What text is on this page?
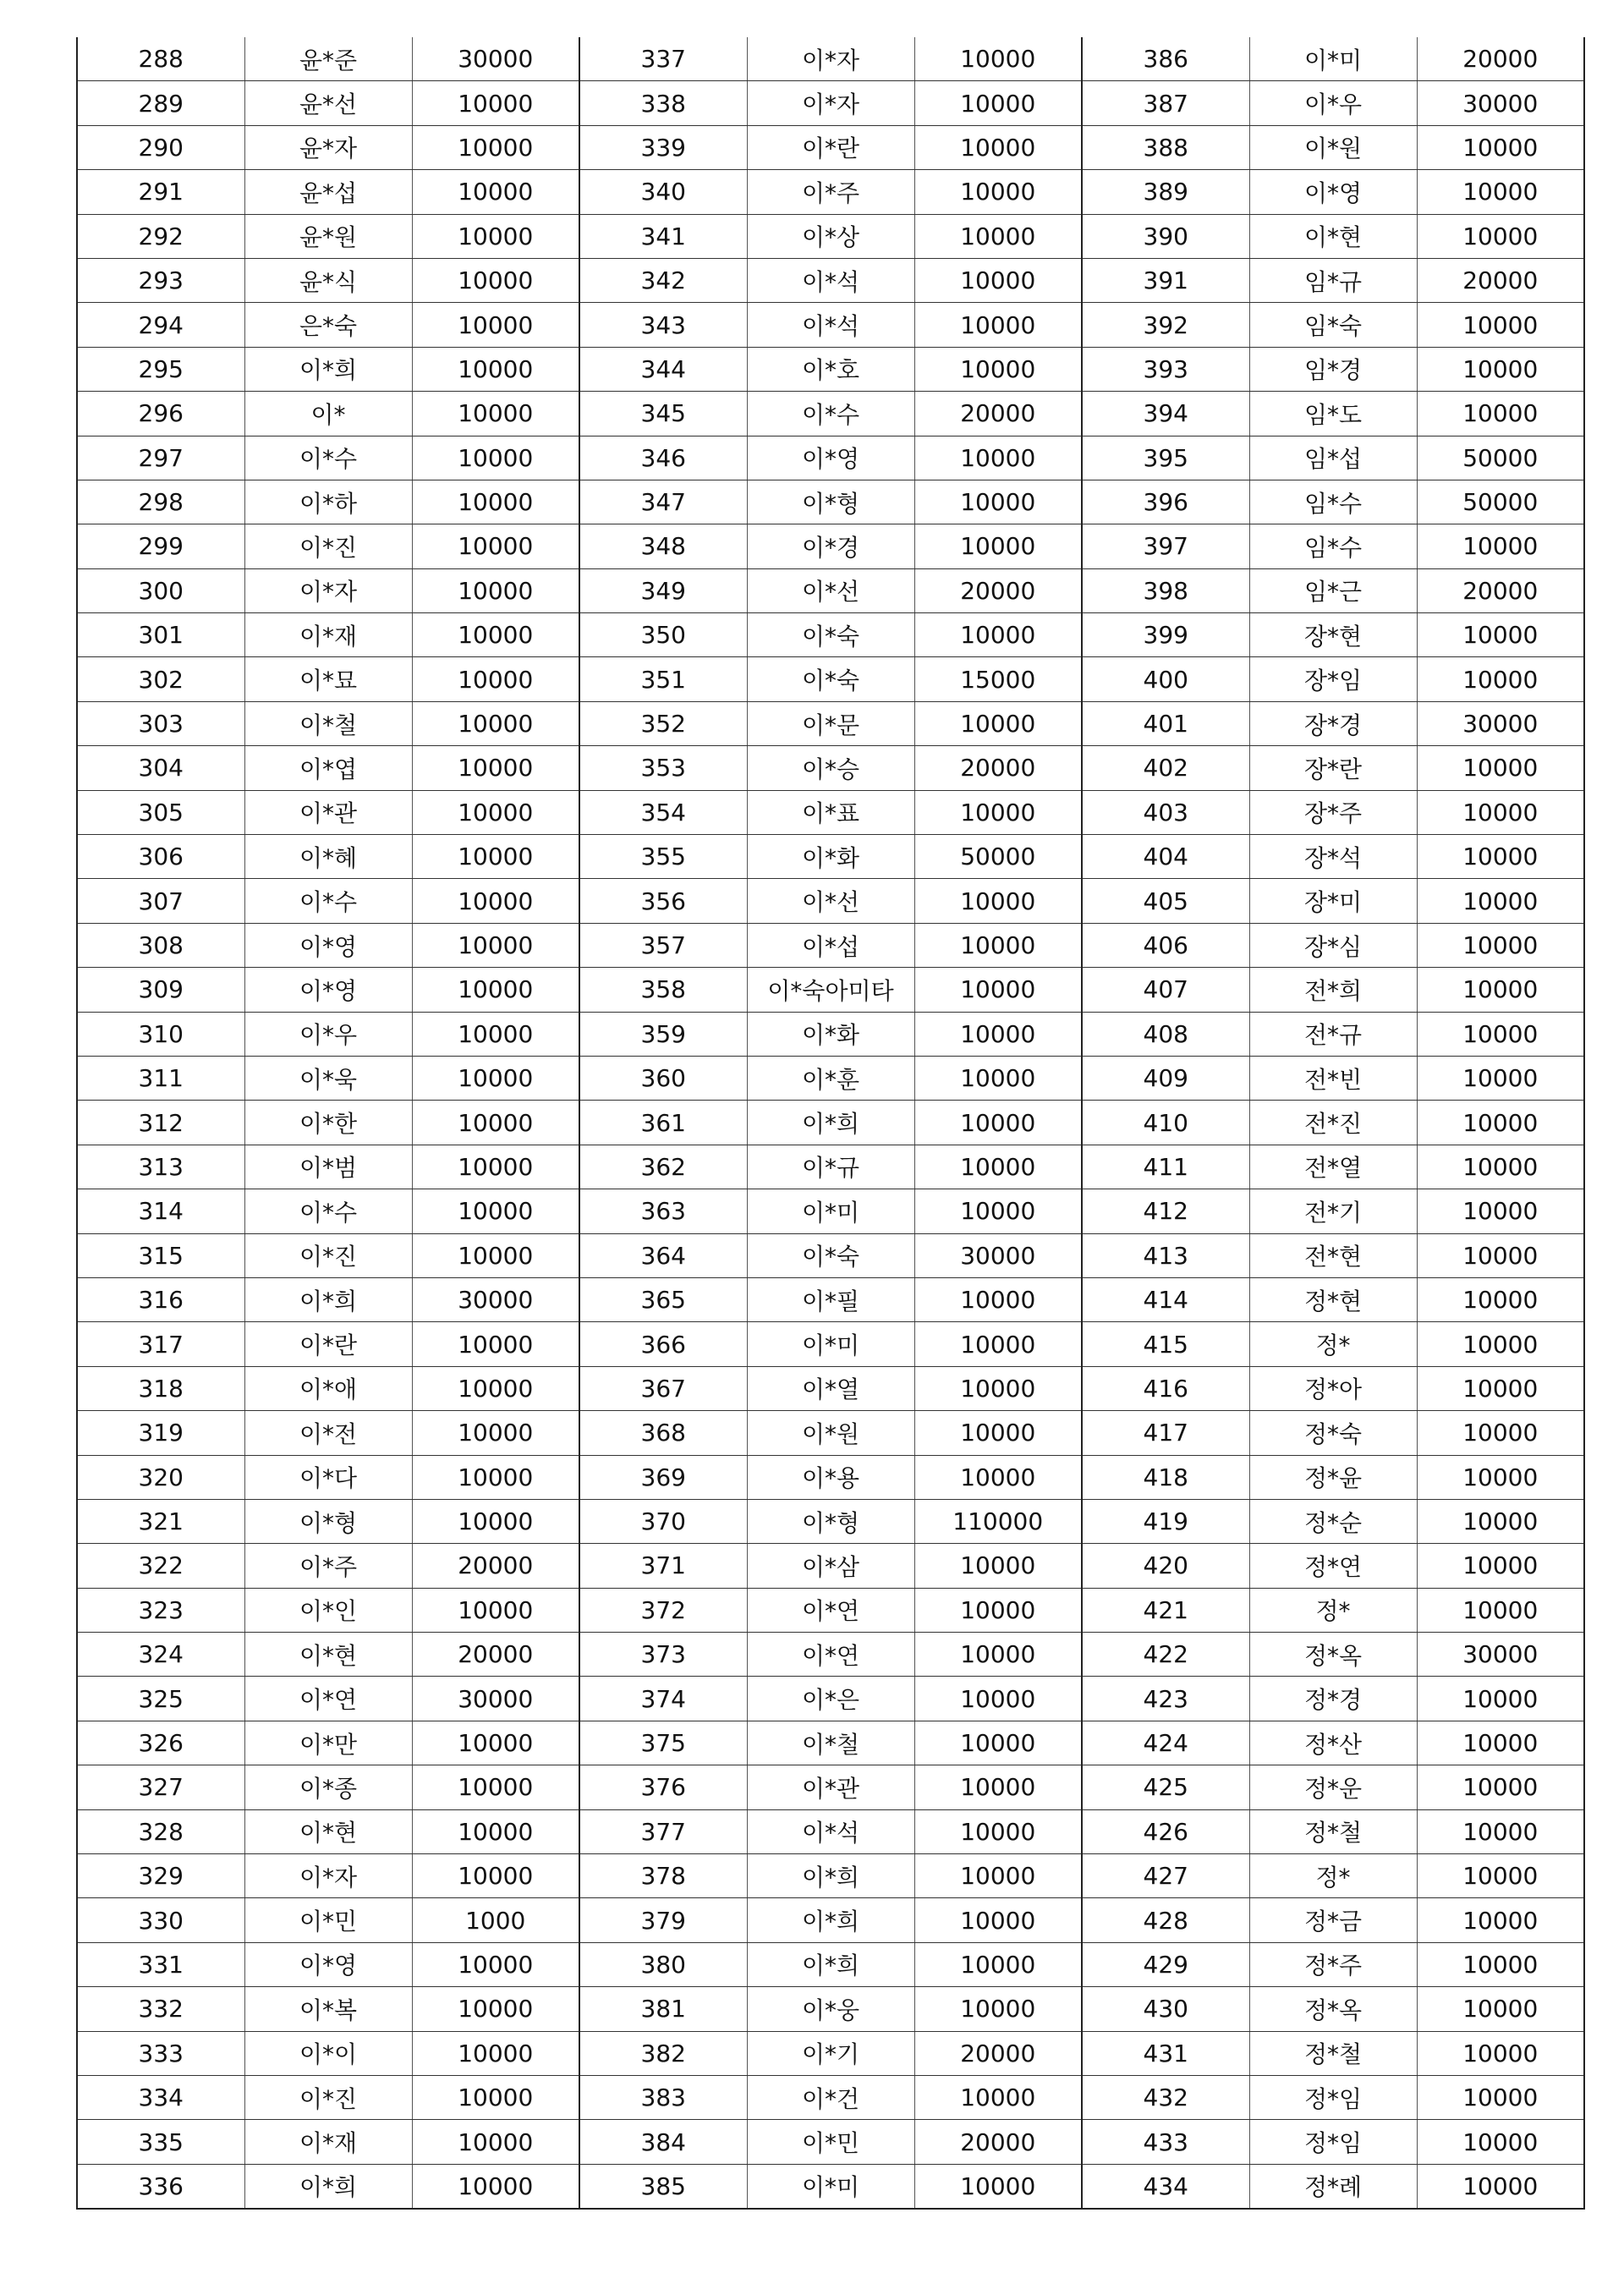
288	윤*준	30000	337	이*자	10000	386	이*미	20000
289	윤*선	10000	338	이*자	10000	387	이*우	30000
290	윤*자	10000	339	이*란	10000	388	이*원	10000
291	윤*섭	10000	340	이*주	10000	389	이*영	10000
292	윤*원	10000	341	이*상	10000	390	이*현	10000
293	윤*식	10000	342	이*석	10000	391	임*규	20000
294	은*숙	10000	343	이*석	10000	392	임*숙	10000
295	이*희	10000	344	이*호	10000	393	임*경	10000
296	이*	10000	345	이*수	20000	394	임*도	10000
297	이*수	10000	346	이*영	10000	395	임*섭	50000
298	이*하	10000	347	이*형	10000	396	임*수	50000
299	이*진	10000	348	이*경	10000	397	임*수	10000
300	이*자	10000	349	이*선	20000	398	임*근	20000
301	이*재	10000	350	이*숙	10000	399	장*현	10000
302	이*묘	10000	351	이*숙	15000	400	장*임	10000
303	이*철	10000	352	이*문	10000	401	장*경	30000
304	이*엽	10000	353	이*승	20000	402	장*란	10000
305	이*관	10000	354	이*표	10000	403	장*주	10000
306	이*혜	10000	355	이*화	50000	404	장*석	10000
307	이*수	10000	356	이*선	10000	405	장*미	10000
308	이*영	10000	357	이*섭	10000	406	장*심	10000
309	이*영	10000	358	이*숙아미타	10000	407	전*희	10000
310	이*우	10000	359	이*화	10000	408	전*규	10000
311	이*욱	10000	360	이*훈	10000	409	전*빈	10000
312	이*한	10000	361	이*희	10000	410	전*진	10000
313	이*범	10000	362	이*규	10000	411	전*열	10000
314	이*수	10000	363	이*미	10000	412	전*기	10000
315	이*진	10000	364	이*숙	30000	413	전*현	10000
316	이*희	30000	365	이*필	10000	414	정*현	10000
317	이*란	10000	366	이*미	10000	415	정*	10000
318	이*애	10000	367	이*열	10000	416	정*아	10000
319	이*전	10000	368	이*원	10000	417	정*숙	10000
320	이*다	10000	369	이*용	10000	418	정*윤	10000
321	이*형	10000	370	이*형	110000	419	정*순	10000
322	이*주	20000	371	이*삼	10000	420	정*연	10000
323	이*인	10000	372	이*연	10000	421	정*	10000
324	이*현	20000	373	이*연	10000	422	정*옥	30000
325	이*연	30000	374	이*은	10000	423	정*경	10000
326	이*만	10000	375	이*철	10000	424	정*산	10000
327	이*종	10000	376	이*관	10000	425	정*운	10000
328	이*현	10000	377	이*석	10000	426	정*철	10000
329	이*자	10000	378	이*희	10000	427	정*	10000
330	이*민	1000	379	이*희	10000	428	정*금	10000
331	이*영	10000	380	이*희	10000	429	정*주	10000
332	이*복	10000	381	이*웅	10000	430	정*옥	10000
333	이*이	10000	382	이*기	20000	431	정*철	10000
334	이*진	10000	383	이*건	10000	432	정*임	10000
335	이*재	10000	384	이*민	20000	433	정*임	10000
336	이*희	10000	385	이*미	10000	434	정*례	10000
